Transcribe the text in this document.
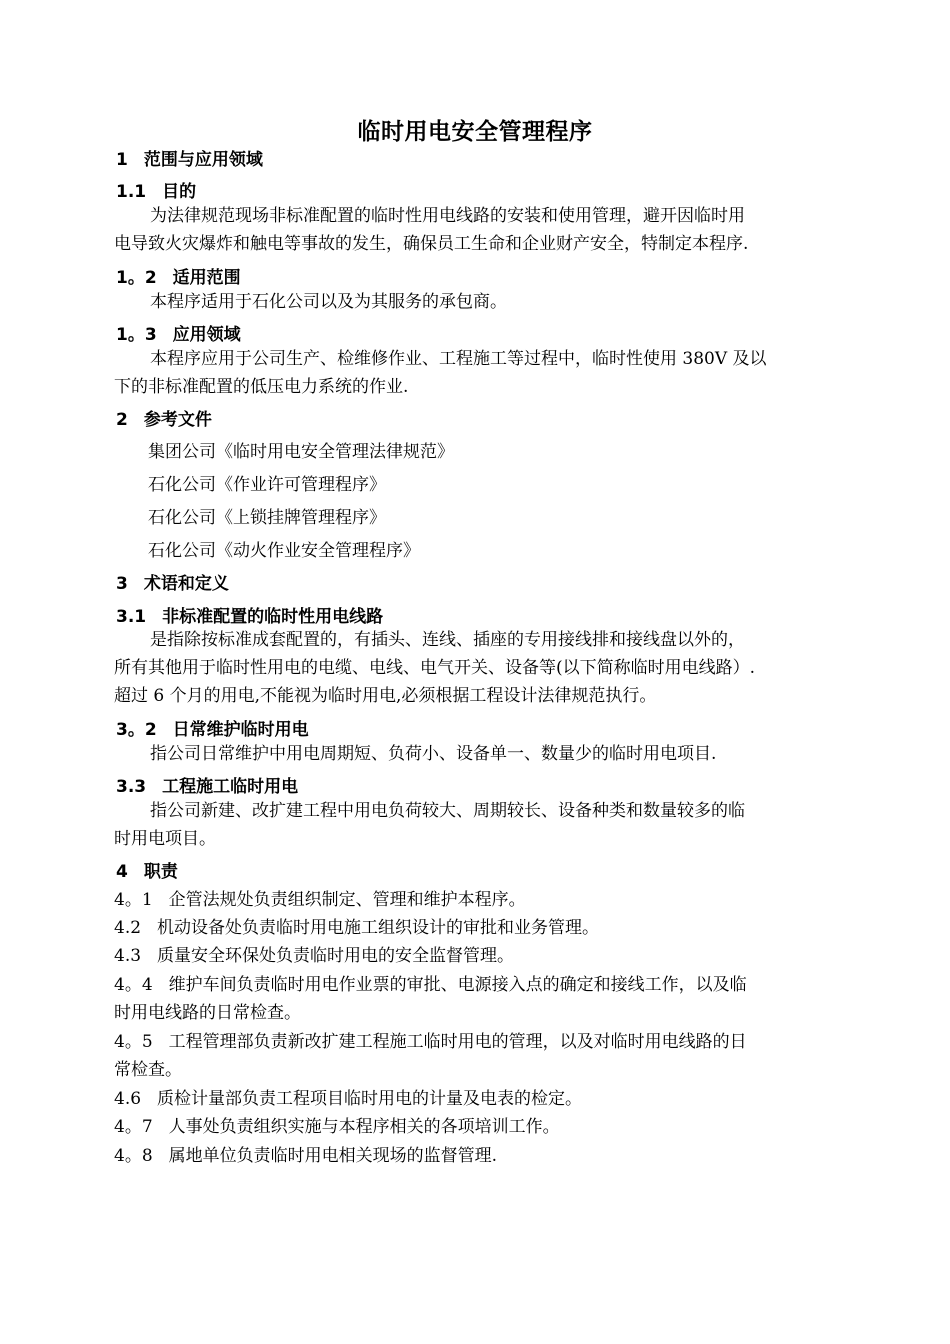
临时用电安全管理程序
1 范围与应用领域
1.1 目的
为法律规范现场非标准配置的临时性用电线路的安装和使用管理，避开因临时用
电导致火灾爆炸和触电等事故的发生，确保员工生命和企业财产安全，特制定本程序.
1。2 适用范围
本程序适用于石化公司以及为其服务的承包商。
1。3 应用领域
本程序应用于公司生产、检维修作业、工程施工等过程中，临时性使用 380V 及以
下的非标准配置的低压电力系统的作业.
2 参考文件
集团公司《临时用电安全管理法律规范》
石化公司《作业许可管理程序》
石化公司《上锁挂牌管理程序》
石化公司《动火作业安全管理程序》
3 术语和定义
3.1 非标准配置的临时性用电线路
是指除按标准成套配置的，有插头、连线、插座的专用接线排和接线盘以外的，
所有其他用于临时性用电的电缆、电线、电气开关、设备等(以下简称临时用电线路）.
超过 6 个月的用电,不能视为临时用电,必须根据工程设计法律规范执行。
3。2 日常维护临时用电
指公司日常维护中用电周期短、负荷小、设备单一、数量少的临时用电项目.
3.3 工程施工临时用电
指公司新建、改扩建工程中用电负荷较大、周期较长、设备种类和数量较多的临
时用电项目。
4 职责
4。1 企管法规处负责组织制定、管理和维护本程序。
4.2 机动设备处负责临时用电施工组织设计的审批和业务管理。
4.3 质量安全环保处负责临时用电的安全监督管理。
4。4 维护车间负责临时用电作业票的审批、电源接入点的确定和接线工作，以及临
时用电线路的日常检查。
4。5 工程管理部负责新改扩建工程施工临时用电的管理，以及对临时用电线路的日
常检查。
4.6 质检计量部负责工程项目临时用电的计量及电表的检定。
4。7 人事处负责组织实施与本程序相关的各项培训工作。
4。8 属地单位负责临时用电相关现场的监督管理.
